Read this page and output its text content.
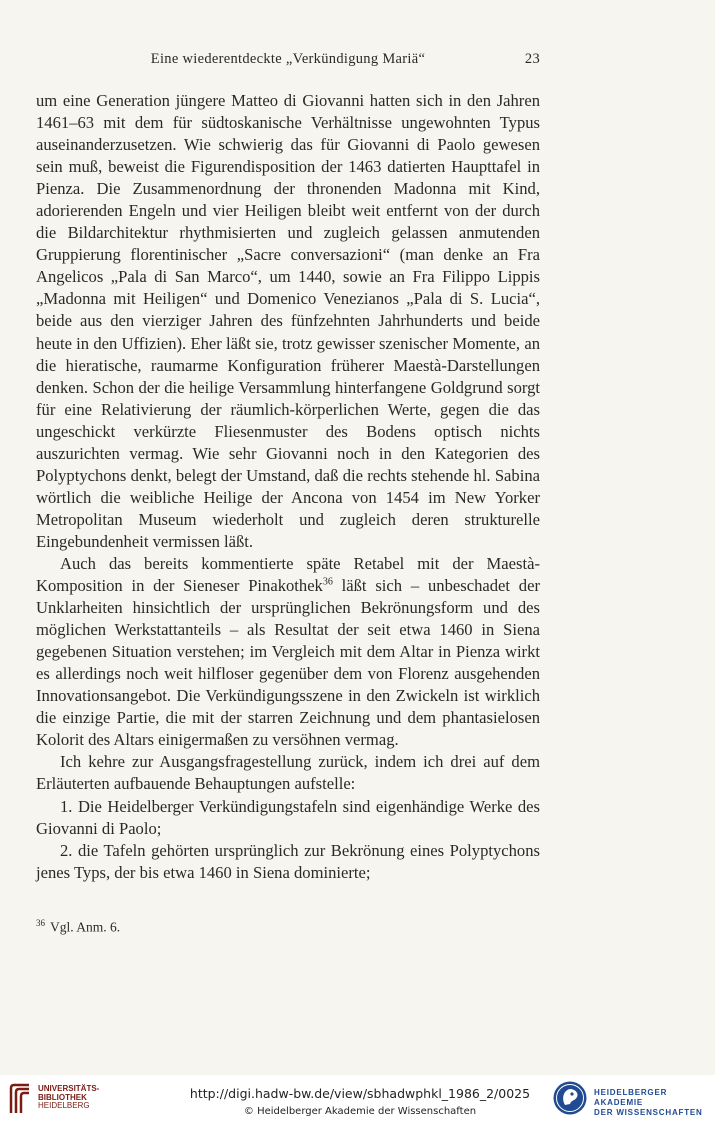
Eine wiederentdeckte „Verkündigung Mariä“	23

um eine Generation jüngere Matteo di Giovanni hatten sich in den Jahren 1461–63 mit dem für südtoskanische Verhältnisse ungewohnten Typus auseinanderzusetzen. Wie schwierig das für Giovanni di Paolo gewesen sein muß, beweist die Figurendisposition der 1463 datierten Haupttafel in Pienza. Die Zusammenordnung der thronenden Madonna mit Kind, adorierenden Engeln und vier Heiligen bleibt weit entfernt von der durch die Bildarchitektur rhythmisierten und zugleich gelassen anmutenden Gruppierung florentinischer „Sacre conversazioni“ (man denke an Fra Angelicos „Pala di San Marco“, um 1440, sowie an Fra Filippo Lippis „Madonna mit Heiligen“ und Domenico Venezianos „Pala di S. Lucia“, beide aus den vierziger Jahren des fünfzehnten Jahrhunderts und beide heute in den Uffizien). Eher läßt sie, trotz gewisser szenischer Momente, an die hieratische, raumarme Konfiguration früherer Maestà-Darstellungen denken. Schon der die heilige Versammlung hinterfangene Goldgrund sorgt für eine Relativierung der räumlich-körperlichen Werte, gegen die das ungeschickt verkürzte Fliesenmuster des Bodens optisch nichts auszurichten vermag. Wie sehr Giovanni noch in den Kategorien des Polyptychons denkt, belegt der Umstand, daß die rechts stehende hl. Sabina wörtlich die weibliche Heilige der Ancona von 1454 im New Yorker Metropolitan Museum wiederholt und zugleich deren strukturelle Eingebundenheit vermissen läßt.

Auch das bereits kommentierte späte Retabel mit der Maestà-Komposition in der Sieneser Pinakothek$^{36}$ läßt sich – unbeschadet der Unklarheiten hinsichtlich der ursprünglichen Bekrönungsform und des möglichen Werkstattanteils – als Resultat der seit etwa 1460 in Siena gegebenen Situation verstehen; im Vergleich mit dem Altar in Pienza wirkt es allerdings noch weit hilfloser gegenüber dem von Florenz ausgehenden Innovationsangebot. Die Verkündigungsszene in den Zwickeln ist wirklich die einzige Partie, die mit der starren Zeichnung und dem phantasielosen Kolorit des Altars einigermaßen zu versöhnen vermag.

Ich kehre zur Ausgangsfragestellung zurück, indem ich drei auf dem Erläuterten aufbauende Behauptungen aufstelle:

1. Die Heidelberger Verkündigungstafeln sind eigenhändige Werke des Giovanni di Paolo;

2. die Tafeln gehörten ursprünglich zur Bekrönung eines Polyptychons jenes Typs, der bis etwa 1460 in Siena dominierte;

$^{36}$ Vgl. Anm. 6.
UNIVERSITÄTS-
BIBLIOTHEK
HEIDELBERG
http://digi.hadw-bw.de/view/sbhadwphkl_1986_2/0025
© Heidelberger Akademie der Wissenschaften
HEIDELBERGER AKADEMIE
DER WISSENSCHAFTEN
